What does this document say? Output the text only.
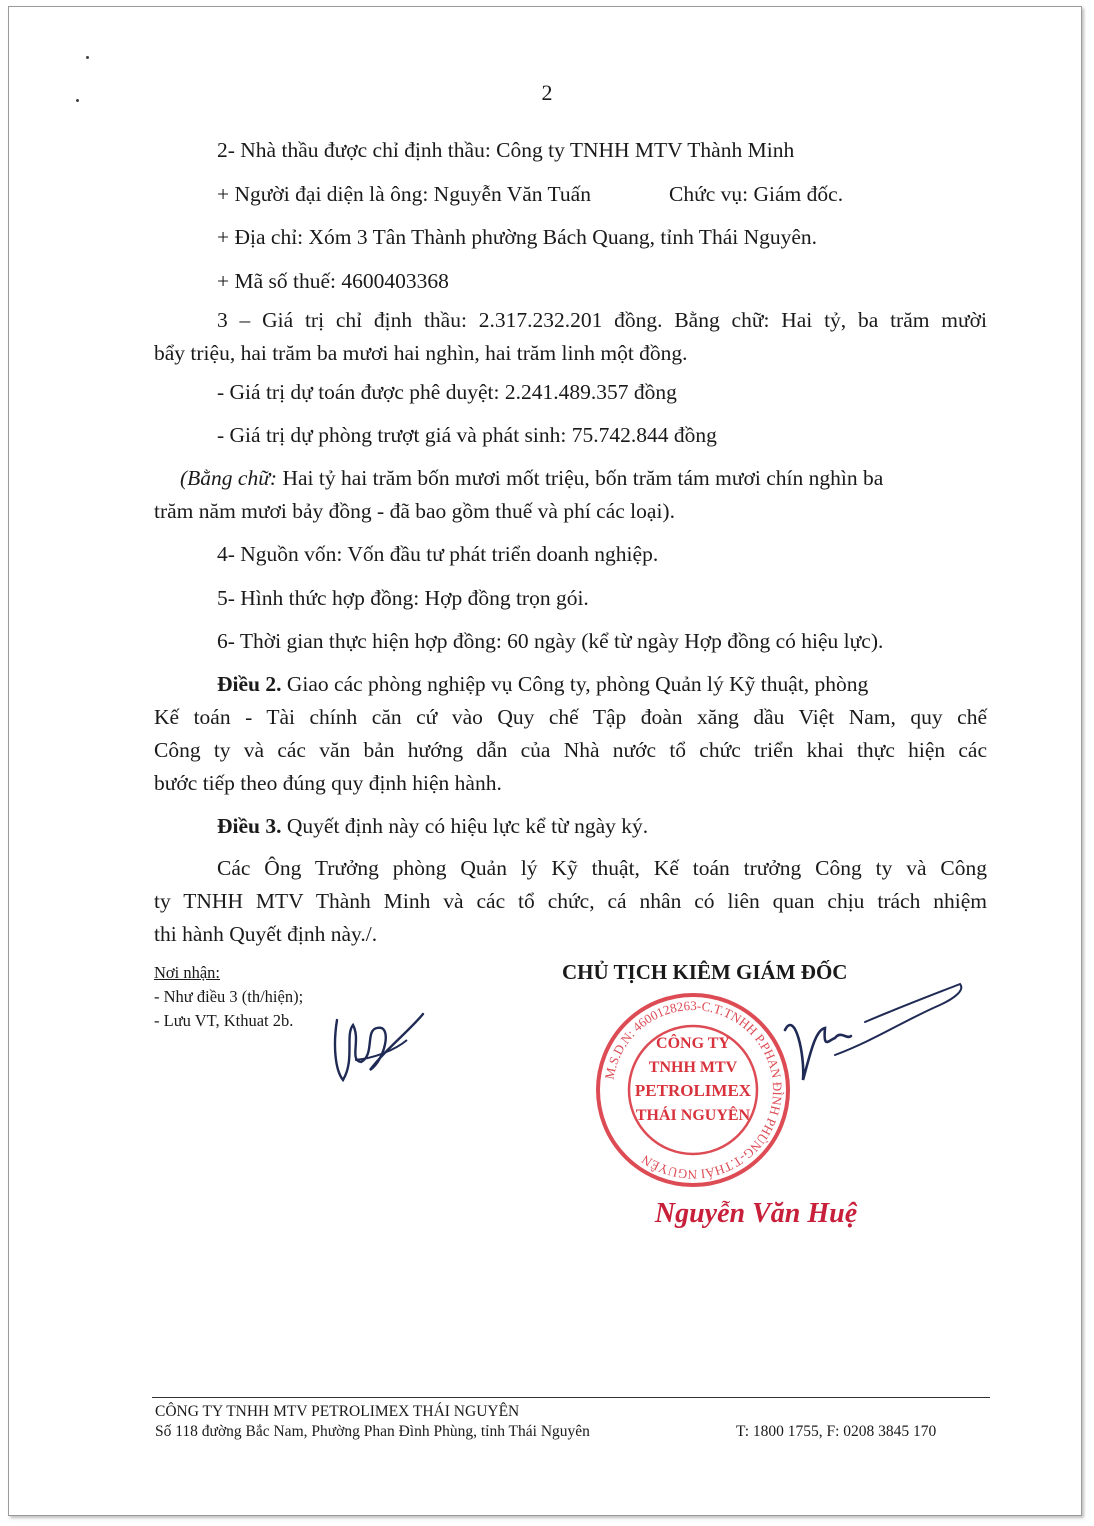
2
2- Nhà thầu được chỉ định thầu: Công ty TNHH MTV Thành Minh
+ Người đại diện là ông: Nguyễn Văn Tuấn	Chức vụ: Giám đốc.
+ Địa chỉ: Xóm 3 Tân Thành phường Bách Quang, tỉnh Thái Nguyên.
+ Mã số thuế: 4600403368
3 – Giá trị chỉ định thầu: 2.317.232.201 đồng. Bằng chữ: Hai tỷ, ba trăm mười
bẩy triệu, hai trăm ba mươi hai nghìn, hai trăm linh một đồng.
- Giá trị dự toán được phê duyệt: 2.241.489.357 đồng
- Giá trị dự phòng trượt giá và phát sinh: 75.742.844 đồng
(Bằng chữ: Hai tỷ hai trăm bốn mươi mốt triệu, bốn trăm tám mươi chín nghìn ba
trăm năm mươi bảy đồng - đã bao gồm thuế và phí các loại).
4- Nguồn vốn: Vốn đầu tư phát triển doanh nghiệp.
5- Hình thức hợp đồng: Hợp đồng trọn gói.
6- Thời gian thực hiện hợp đồng: 60 ngày (kể từ ngày Hợp đồng có hiệu lực).
Điều 2. Giao các phòng nghiệp vụ Công ty, phòng Quản lý Kỹ thuật, phòng
Kế toán - Tài chính căn cứ vào Quy chế Tập đoàn xăng dầu Việt Nam, quy chế
Công ty và các văn bản hướng dẫn của Nhà nước tổ chức triển khai thực hiện các
bước tiếp theo đúng quy định hiện hành.
Điều 3. Quyết định này có hiệu lực kể từ ngày ký.
Các Ông Trưởng phòng Quản lý Kỹ thuật, Kế toán trưởng Công ty và Công
ty TNHH MTV Thành Minh và các tổ chức, cá nhân có liên quan chịu trách nhiệm
thi hành Quyết định này./.
Nơi nhận:
- Như điều 3 (th/hiện);
- Lưu VT, Kthuat 2b.
CHỦ TỊCH KIÊM GIÁM ĐỐC
M.S.D.N: 4600128263-C.T.TNHH P.PHAN ĐÌNH PHÙNG-T.THÁI NGUYÊN
CÔNG TY
TNHH MTV
PETROLIMEX
THÁI NGUYÊN
Nguyễn Văn Huệ
CÔNG TY TNHH MTV PETROLIMEX THÁI NGUYÊN
Số 118 đường Bắc Nam, Phường Phan Đình Phùng, tỉnh Thái Nguyên	T: 1800 1755, F: 0208 3845 170
